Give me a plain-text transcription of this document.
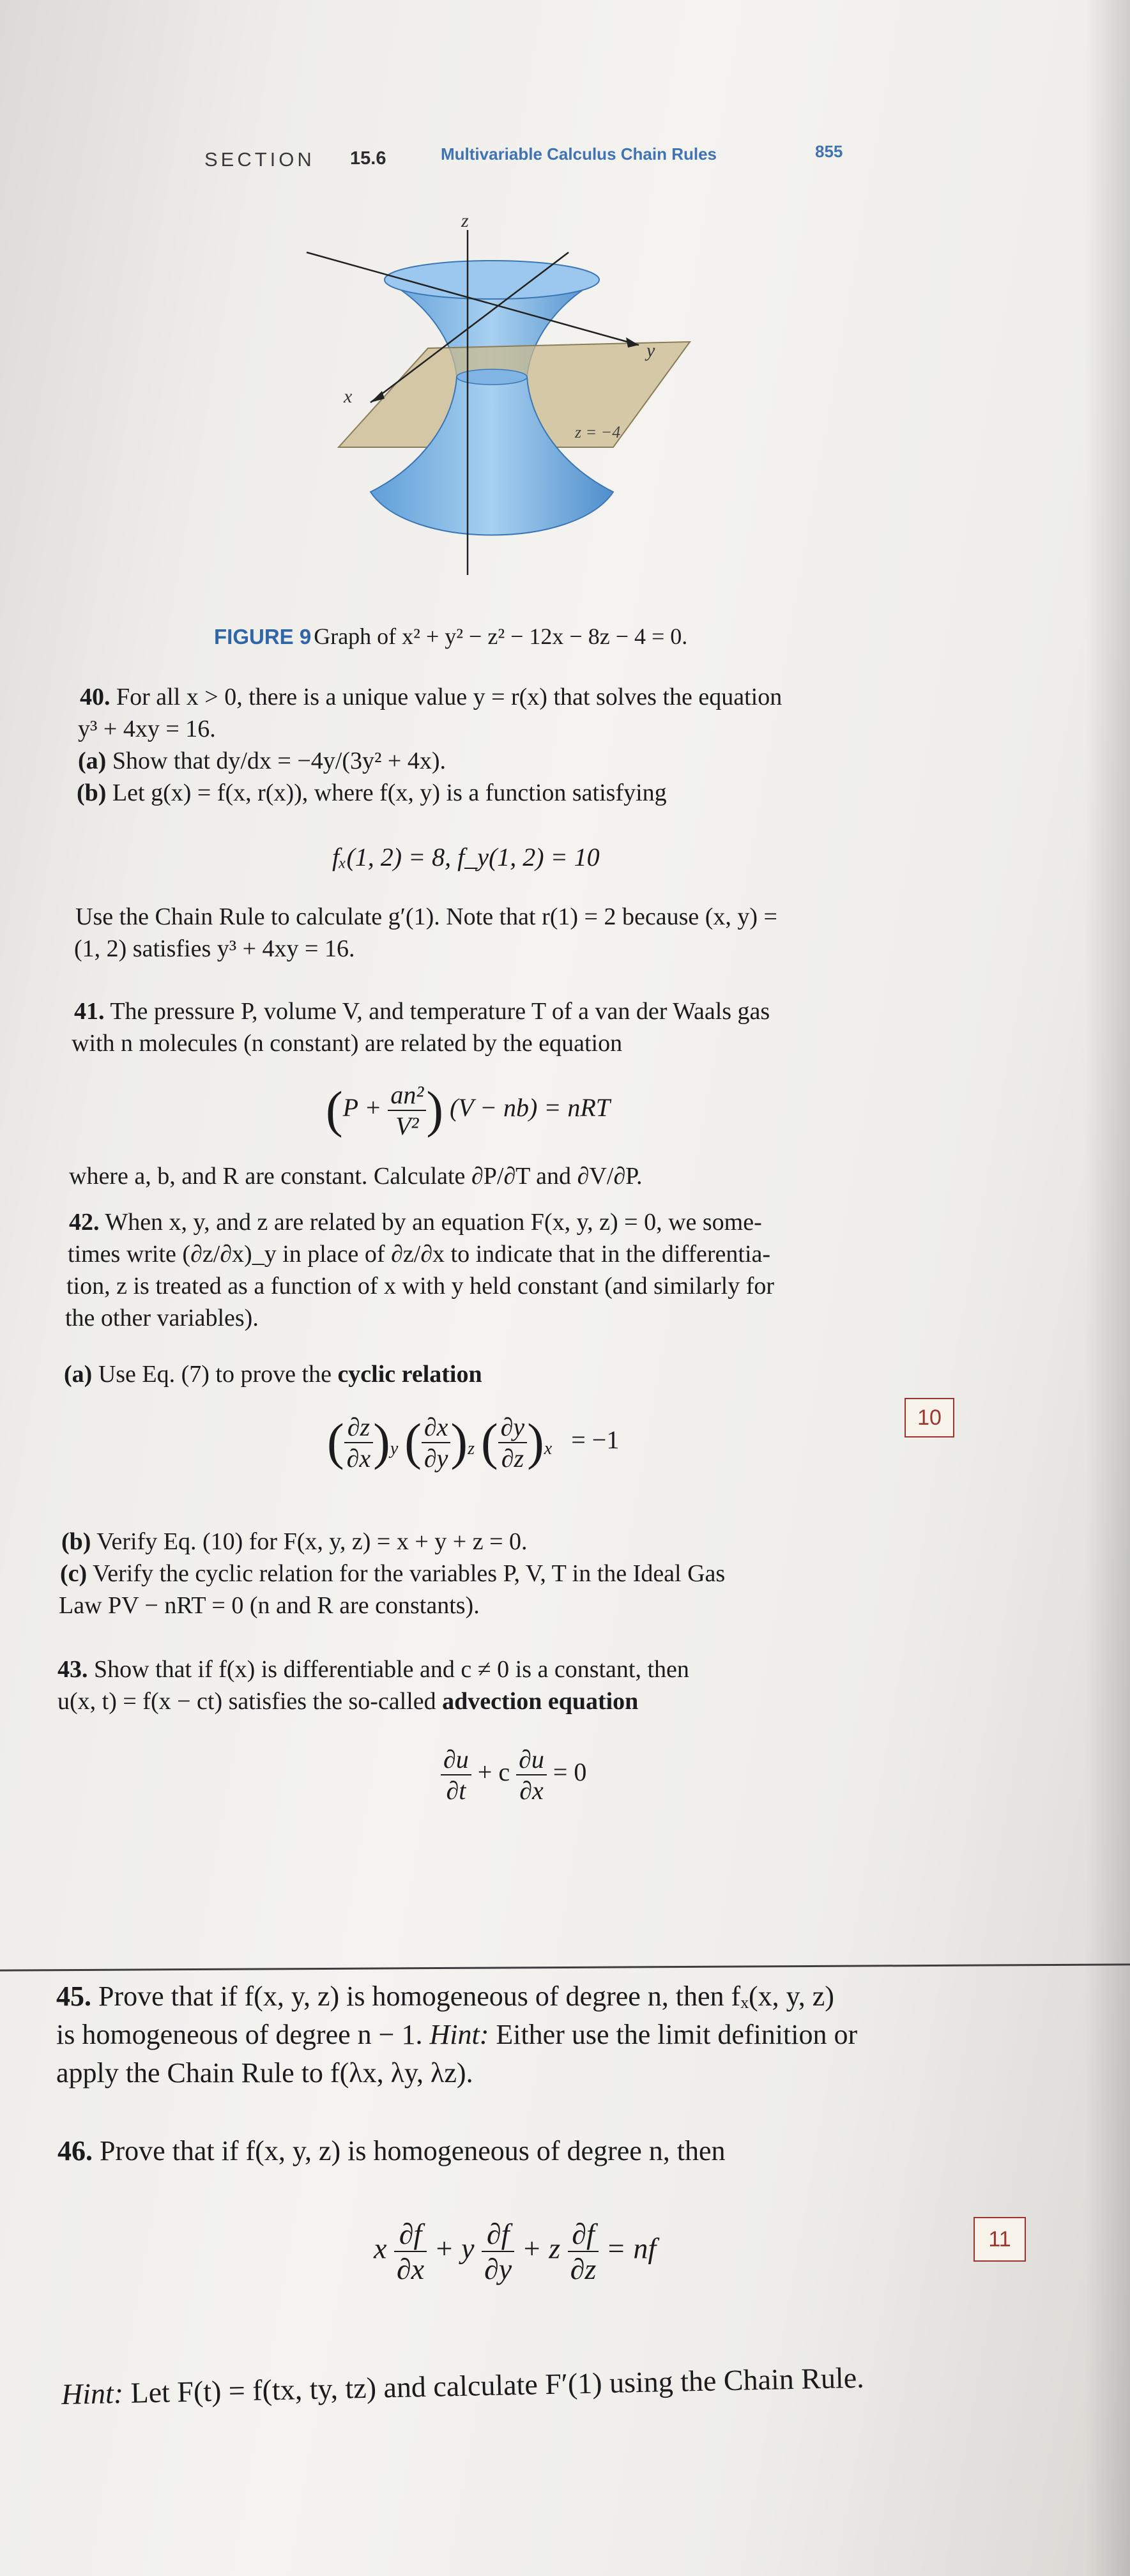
SECTION 15.6	Multivariable Calculus Chain Rules	855
z
y
x
z = −4
FIGURE 9 Graph of x² + y² − z² − 12x − 8z − 4 = 0.
40. For all x > 0, there is a unique value y = r(x) that solves the equation
y³ + 4xy = 16.
(a) Show that dy/dx = −4y/(3y² + 4x).
(b) Let g(x) = f(x, r(x)), where f(x, y) is a function satisfying
fₓ(1, 2) = 8, f_y(1, 2) = 10
Use the Chain Rule to calculate g′(1). Note that r(1) = 2 because (x, y) =
(1, 2) satisfies y³ + 4xy = 16.
41. The pressure P, volume V, and temperature T of a van der Waals gas
with n molecules (n constant) are related by the equation
($P + \frac{\text{an²}}{\text{V²}}$ ) (V − nb) = nRT
where a, b, and R are constant. Calculate ∂P/∂T and ∂V/∂P.
42. When x, y, and z are related by an equation F(x, y, z) = 0, we some-
times write (∂z/∂x)_y in place of ∂z/∂x to indicate that in the differentia-
tion, z is treated as a function of x with y held constant (and similarly for
the other variables).
(a) Use Eq. (7) to prove the cyclic relation
( $\frac{\partial z}{\partial x} )_y$ ( $\frac{\partial x}{\partial y} )_z$ ( $\frac{\partial y}{\partial z} )_x = -1$
10
(b) Verify Eq. (10) for F(x, y, z) = x + y + z = 0.
(c) Verify the cyclic relation for the variables P, V, T in the Ideal Gas
Law PV − nRT = 0 (n and R are constants).
43. Show that if f(x) is differentiable and c ≠ 0 is a constant, then
u(x, t) = f(x − ct) satisfies the so-called advection equation
$\frac{\partial u}{\partial t} + c \frac{\partial u}{\partial x} = 0$
45. Prove that if f(x, y, z) is homogeneous of degree n, then fₓ(x, y, z)
is homogeneous of degree n − 1. Hint: Either use the limit definition or
apply the Chain Rule to f(λx, λy, λz).
46. Prove that if f(x, y, z) is homogeneous of degree n, then
x $\frac{\partial f}{\partial x} + y \frac{\partial f}{\partial y} + z \frac{\partial f}{\partial z}$ = nf	11
Hint: Let F(t) = f(tx, ty, tz) and calculate F′(1) using the Chain Rule.
